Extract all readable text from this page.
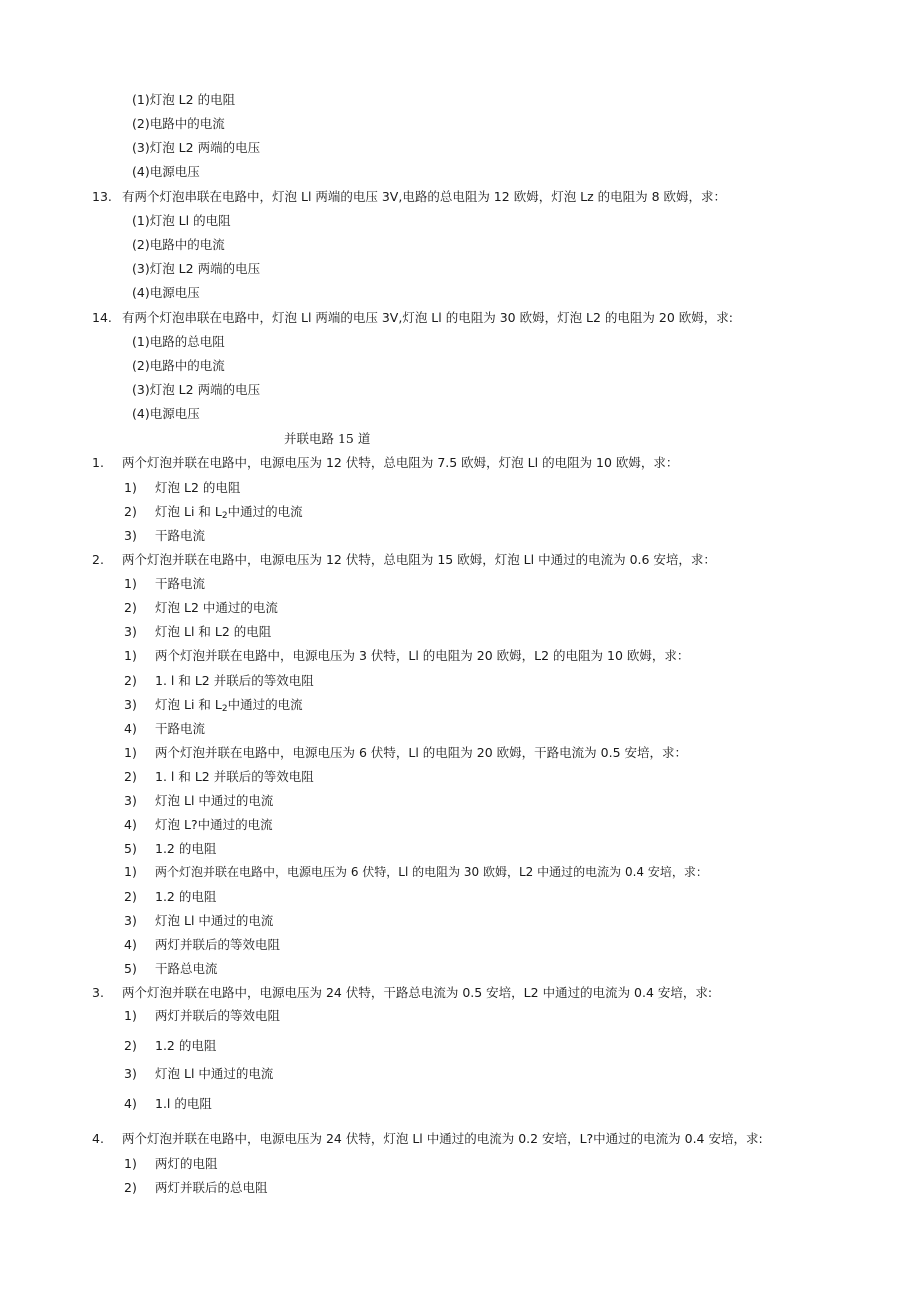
(1)灯泡 L2 的电阻
(2)电路中的电流
(3)灯泡 L2 两端的电压
(4)电源电压
13. 有两个灯泡串联在电路中，灯泡 Ll 两端的电压 3V,电路的总电阻为 12 欧姆，灯泡 Lz 的电阻为 8 欧姆，求：
(1)灯泡 Ll 的电阻
(2)电路中的电流
(3)灯泡 L2 两端的电压
(4)电源电压
14. 有两个灯泡串联在电路中，灯泡 Ll 两端的电压 3V,灯泡 Ll 的电阻为 30 欧姆，灯泡 L2 的电阻为 20 欧姆，求:
(1)电路的总电阻
(2)电路中的电流
(3)灯泡 L2 两端的电压
(4)电源电压
并联电路 15 道
1. 两个灯泡并联在电路中，电源电压为 12 伏特，总电阻为 7.5 欧姆，灯泡 Ll 的电阻为 10 欧姆，求：
1) 灯泡 L2 的电阻
2) 灯泡 Li 和 $L_2$中通过的电流
3) 干路电流
2. 两个灯泡并联在电路中，电源电压为 12 伏特，总电阻为 15 欧姆，灯泡 Ll 中通过的电流为 0.6 安培，求：
1) 干路电流
2) 灯泡 L2 中通过的电流
3) 灯泡 Ll 和 L2 的电阻
1) 两个灯泡并联在电路中，电源电压为 3 伏特，Ll 的电阻为 20 欧姆，L2 的电阻为 10 欧姆，求：
2) 1. l 和 L2 并联后的等效电阻
3) 灯泡 Li 和 $L_2$中通过的电流
4) 干路电流
1) 两个灯泡并联在电路中，电源电压为 6 伏特，Ll 的电阻为 20 欧姆，干路电流为 0.5 安培，求：
2) 1. l 和 L2 并联后的等效电阻
3) 灯泡 Ll 中通过的电流
4) 灯泡 L?中通过的电流
5) 1.2 的电阻
1) 两个灯泡并联在电路中，电源电压为 6 伏特，Ll 的电阻为 30 欧姆，L2 中通过的电流为 0.4 安培，求：
2) 1.2 的电阻
3) 灯泡 Ll 中通过的电流
4) 两灯并联后的等效电阻
5) 干路总电流
3. 两个灯泡并联在电路中，电源电压为 24 伏特，干路总电流为 0.5 安培，L2 中通过的电流为 0.4 安培，求:
1) 两灯并联后的等效电阻
2) 1.2 的电阻
3) 灯泡 Ll 中通过的电流
4) 1.l 的电阻
4. 两个灯泡并联在电路中，电源电压为 24 伏特，灯泡 Ll 中通过的电流为 0.2 安培，L?中通过的电流为 0.4 安培，求:
1) 两灯的电阻
2) 两灯并联后的总电阻
